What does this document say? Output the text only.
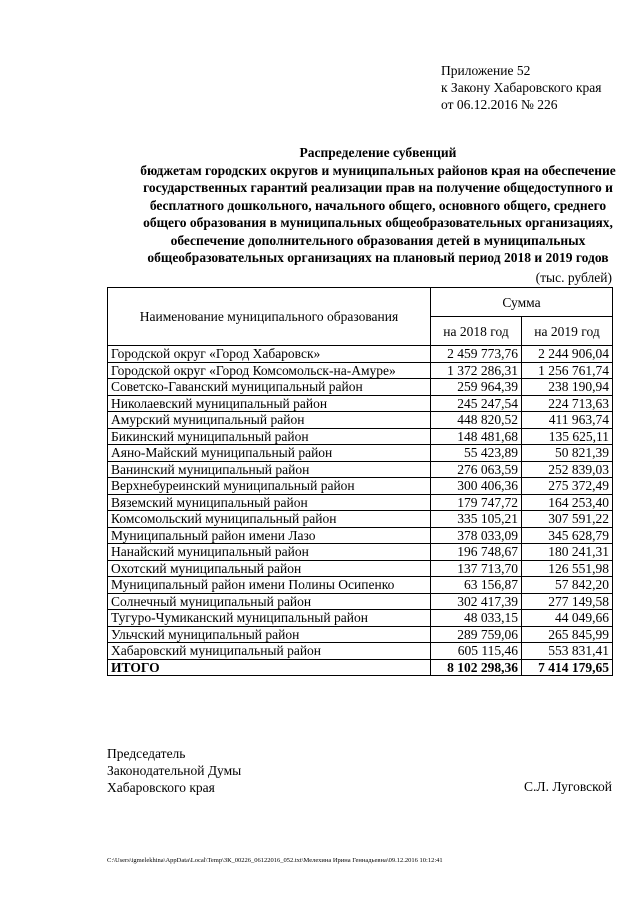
Приложение 52
к Закону Хабаровского края
от 06.12.2016 № 226
Распределение субвенций
бюджетам городских округов и муниципальных районов края на обеспечение государственных гарантий реализации прав на получение общедоступного и бесплатного дошкольного, начального общего, основного общего, среднего общего образования в муниципальных общеобразовательных организациях, обеспечение дополнительного образования детей в муниципальных общеобразовательных организациях на плановый период 2018 и 2019 годов
(тыс. рублей)
Наименование муниципального образования	Сумма	
	на 2018 год	на 2019 год
Городской округ «Город Хабаровск»	2 459 773,76	2 244 906,04
Городской округ «Город Комсомольск-на-Амуре»	1 372 286,31	1 256 761,74
Советско-Гаванский муниципальный район	259 964,39	238 190,94
Николаевский муниципальный район	245 247,54	224 713,63
Амурский муниципальный район	448 820,52	411 963,74
Бикинский муниципальный район	148 481,68	135 625,11
Аяно-Майский муниципальный район	55 423,89	50 821,39
Ванинский муниципальный район	276 063,59	252 839,03
Верхнебуреинский муниципальный район	300 406,36	275 372,49
Вяземский муниципальный район	179 747,72	164 253,40
Комсомольский муниципальный район	335 105,21	307 591,22
Муниципальный район имени Лазо	378 033,09	345 628,79
Нанайский муниципальный район	196 748,67	180 241,31
Охотский муниципальный район	137 713,70	126 551,98
Муниципальный район имени Полины Осипенко	63 156,87	57 842,20
Солнечный муниципальный район	302 417,39	277 149,58
Тугуро-Чумиканский муниципальный район	48 033,15	44 049,66
Ульчский муниципальный район	289 759,06	265 845,99
Хабаровский муниципальный район	605 115,46	553 831,41
ИТОГО	8 102 298,36	7 414 179,65
Председатель
Законодательной Думы
Хабаровского края	С.Л. Луговской
C:\Users\igmelekhina\AppData\Local\Temp\ЗК_00226_06122016_052.txt\Мелехина Ирина Геннадьевна\09.12.2016 10:12:41
